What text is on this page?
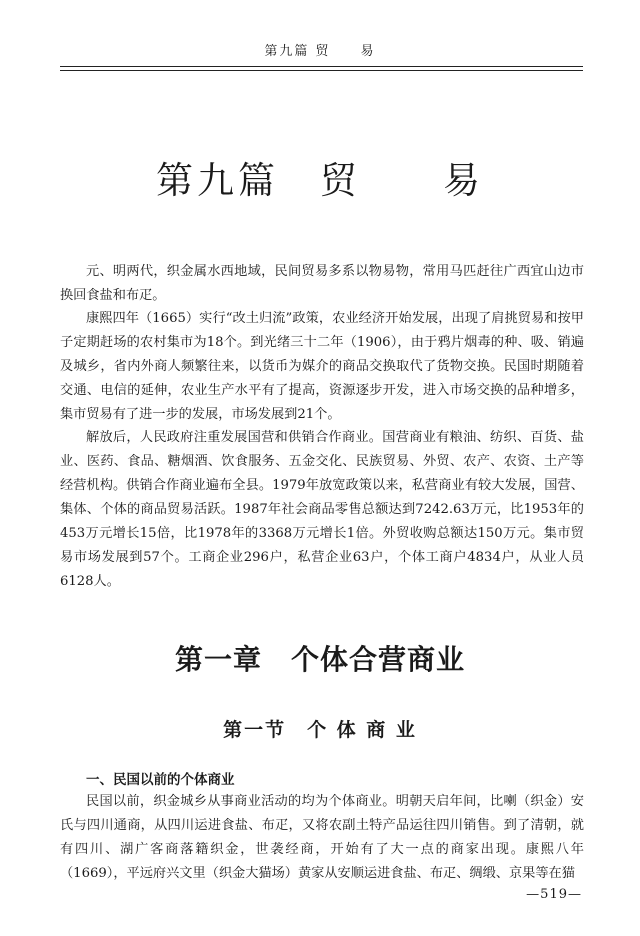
第九篇 贸　　易
第九篇　贸　　易

元、明两代，织金属水西地域，民间贸易多系以物易物，常用马匹赶往广西宜山边市换回食盐和布疋。

康熙四年（1665）实行“改土归流”政策，农业经济开始发展，出现了肩挑贸易和按甲子定期赶场的农村集市为18个。到光绪三十二年（1906），由于鸦片烟毒的种、吸、销遍及城乡，省内外商人频繁往来，以货币为媒介的商品交换取代了货物交换。民国时期随着交通、电信的延伸，农业生产水平有了提高，资源逐步开发，进入市场交换的品种增多，集市贸易有了进一步的发展，市场发展到21个。

解放后，人民政府注重发展国营和供销合作商业。国营商业有粮油、纺织、百货、盐业、医药、食品、糖烟酒、饮食服务、五金交化、民族贸易、外贸、农产、农资、土产等经营机构。供销合作商业遍布全县。1979年放宽政策以来，私营商业有较大发展，国营、集体、个体的商品贸易活跃。1987年社会商品零售总额达到7242.63万元，比1953年的453万元增长15倍，比1978年的3368万元增长1倍。外贸收购总额达150万元。集市贸易市场发展到57个。工商企业296户，私营企业63户，个体工商户4834户，从业人员6128人。

第一章　个体合营商业
第一节　个 体 商 业
一、民国以前的个体商业

民国以前，织金城乡从事商业活动的均为个体商业。明朝天启年间，比喇（织金）安氏与四川通商，从四川运进食盐、布疋，又将农副土特产品运往四川销售。到了清朝，就有四川、湖广客商落籍织金，世袭经商，开始有了大一点的商家出现。康熙八年（1669），平远府兴文里（织金大猫场）黄家从安顺运进食盐、布疋、绸缎、京果等在猫

—519—
